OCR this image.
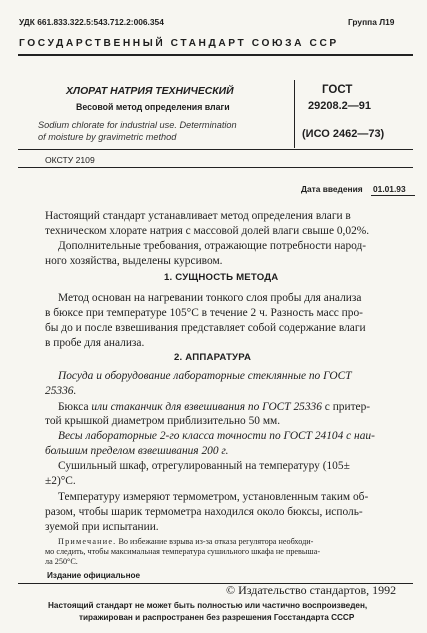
УДК 661.833.322.5:543.712.2:006.354	Группа Л19
ГОСУДАРСТВЕННЫЙ СТАНДАРТ СОЮЗА ССР
ХЛОРАТ НАТРИЯ ТЕХНИЧЕСКИЙ
Весовой метод определения влаги
Sodium chlorate for industrial use. Determination
of moisture by gravimetric method
ГОСТ
29208.2—91
(ИСО 2462—73)
ОКСТУ 2109
Дата введения 01.01.93
Настоящий стандарт устанавливает метод определения влаги в
техническом хлорате натрия с массовой долей влаги свыше 0,02%.
Дополнительные требования, отражающие потребности народ-
ного хозяйства, выделены курсивом.
1. СУЩНОСТЬ МЕТОДА
Метод основан на нагревании тонкого слоя пробы для анализа
в бюксе при температуре 105°С в течение 2 ч. Разность масс про-
бы до и после взвешивания представляет собой содержание влаги
в пробе для анализа.
2. АППАРАТУРА
Посуда и оборудование лабораторные стеклянные по ГОСТ
25336.
Бюкса или стаканчик для взвешивания по ГОСТ 25336 с притер-
той крышкой диаметром приблизительно 50 мм.
Весы лабораторные 2-го класса точности по ГОСТ 24104 с наи-
большим пределом взвешивания 200 г.
Сушильный шкаф, отрегулированный на температуру (105±
±2)°С.
Температуру измеряют термометром, установленным таким об-
разом, чтобы шарик термометра находился около бюксы, исполь-
зуемой при испытании.
Примечание. Во избежание взрыва из-за отказа регулятора необходи-
мо следить, чтобы максимальная температура сушильного шкафа не превыша-
ла 250°С.
Издание официальное
© Издательство стандартов, 1992
Настоящий стандарт не может быть полностью или частично воспроизведен,
тиражирован и распространен без разрешения Госстандарта СССР
